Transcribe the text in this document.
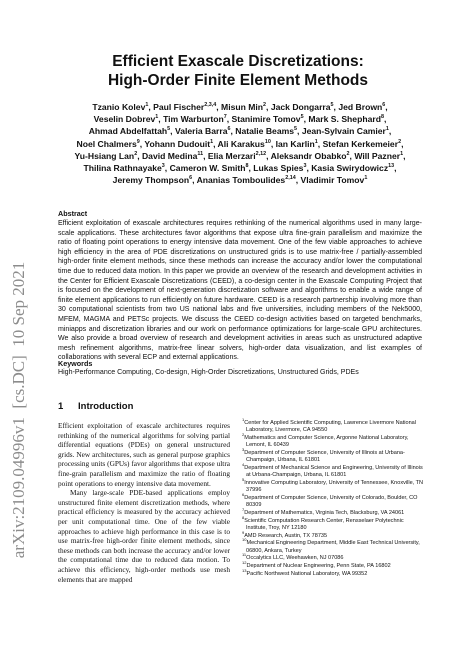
arXiv:2109.04996v1  [cs.DC]  10 Sep 2021
Efficient Exascale Discretizations:
High-Order Finite Element Methods
Tzanio Kolev$^1$, Paul Fischer$^{2,3,4}$, Misun Min$^2$, Jack Dongarra$^5$, Jed Brown$^6$, Veselin Dobrev$^1$, Tim Warburton$^7$, Stanimire Tomov$^5$, Mark S. Shephard$^8$, Ahmad Abdelfattah$^5$, Valeria Barra$^6$, Natalie Beams$^5$, Jean-Sylvain Camier$^1$, Noel Chalmers$^9$, Yohann Dudouit$^1$, Ali Karakus$^{10}$, Ian Karlin$^1$, Stefan Kerkemeier$^2$, Yu-Hsiang Lan$^2$, David Medina$^{11}$, Elia Merzari$^{2,12}$, Aleksandr Obabko$^2$, Will Pazner$^1$, Thilina Rathnayake$^3$, Cameron W. Smith$^8$, Lukas Spies$^3$, Kasia Swirydowicz$^{13}$, Jeremy Thompson$^6$, Ananias Tomboulides$^{2,14}$, Vladimir Tomov$^1$
Abstract

Efficient exploitation of exascale architectures requires rethinking of the numerical algorithms used in many large-scale applications. These architectures favor algorithms that expose ultra fine-grain parallelism and maximize the ratio of floating point operations to energy intensive data movement. One of the few viable approaches to achieve high efficiency in the area of PDE discretizations on unstructured grids is to use matrix-free / partially-assembled high-order finite element methods, since these methods can increase the accuracy and/or lower the computational time due to reduced data motion. In this paper we provide an overview of the research and development activities in the Center for Efficient Exascale Discretizations (CEED), a co-design center in the Exascale Computing Project that is focused on the development of next-generation discretization software and algorithms to enable a wide range of finite element applications to run efficiently on future hardware. CEED is a research partnership involving more than 30 computational scientists from two US national labs and five universities, including members of the Nek5000, MFEM, MAGMA and PETSc projects. We discuss the CEED co-design activities based on targeted benchmarks, miniapps and discretization libraries and our work on performance optimizations for large-scale GPU architectures. We also provide a broad overview of research and development activities in areas such as unstructured adaptive mesh refinement algorithms, matrix-free linear solvers, high-order data visualization, and list examples of collaborations with several ECP and external applications.

Keywords

High-Performance Computing, Co-design, High-Order Discretizations, Unstructured Grids, PDEs

1 Introduction

Efficient exploitation of exascale architectures requires rethinking of the numerical algorithms for solving partial differential equations (PDEs) on general unstructured grids. New architectures, such as general purpose graphics processing units (GPUs) favor algorithms that expose ultra fine-grain parallelism and maximize the ratio of floating point operations to energy intensive data movement.

Many large-scale PDE-based applications employ unstructured finite element discretization methods, where practical efficiency is measured by the accuracy achieved per unit computational time. One of the few viable approaches to achieve high performance in this case is to use matrix-free high-order finite element methods, since these methods can both increase the accuracy and/or lower the computational time due to reduced data motion. To achieve this efficiency, high-order methods use mesh elements that are mapped

$^1$Center for Applied Scientific Computing, Lawrence Livermore National Laboratory, Livermore, CA 94550

$^2$Mathematics and Computer Science, Argonne National Laboratory, Lemont, IL 60439

$^3$Department of Computer Science, University of Illinois at Urbana-Champaign, Urbana, IL 61801

$^4$Department of Mechanical Science and Engineering, University of Illinois at Urbana-Champaign, Urbana, IL 61801

$^5$Innovative Computing Laboratory, University of Tennessee, Knoxville, TN 37996

$^6$Department of Computer Science, University of Colorado, Boulder, CO 80309

$^7$Department of Mathematics, Virginia Tech, Blacksburg, VA 24061

$^8$Scientific Computation Research Center, Rensselaer Polytechnic Institute, Troy, NY 12180

$^9$AMD Research, Austin, TX 78735

$^{10}$Mechanical Engineering Department, Middle East Technical University, 06800, Ankara, Turkey

$^{11}$Occalytics LLC, Weehawken, NJ 07086

$^{12}$Department of Nuclear Engineering, Penn State, PA 16802

$^{13}$Pacific Northwest National Laboratory, WA 99352
